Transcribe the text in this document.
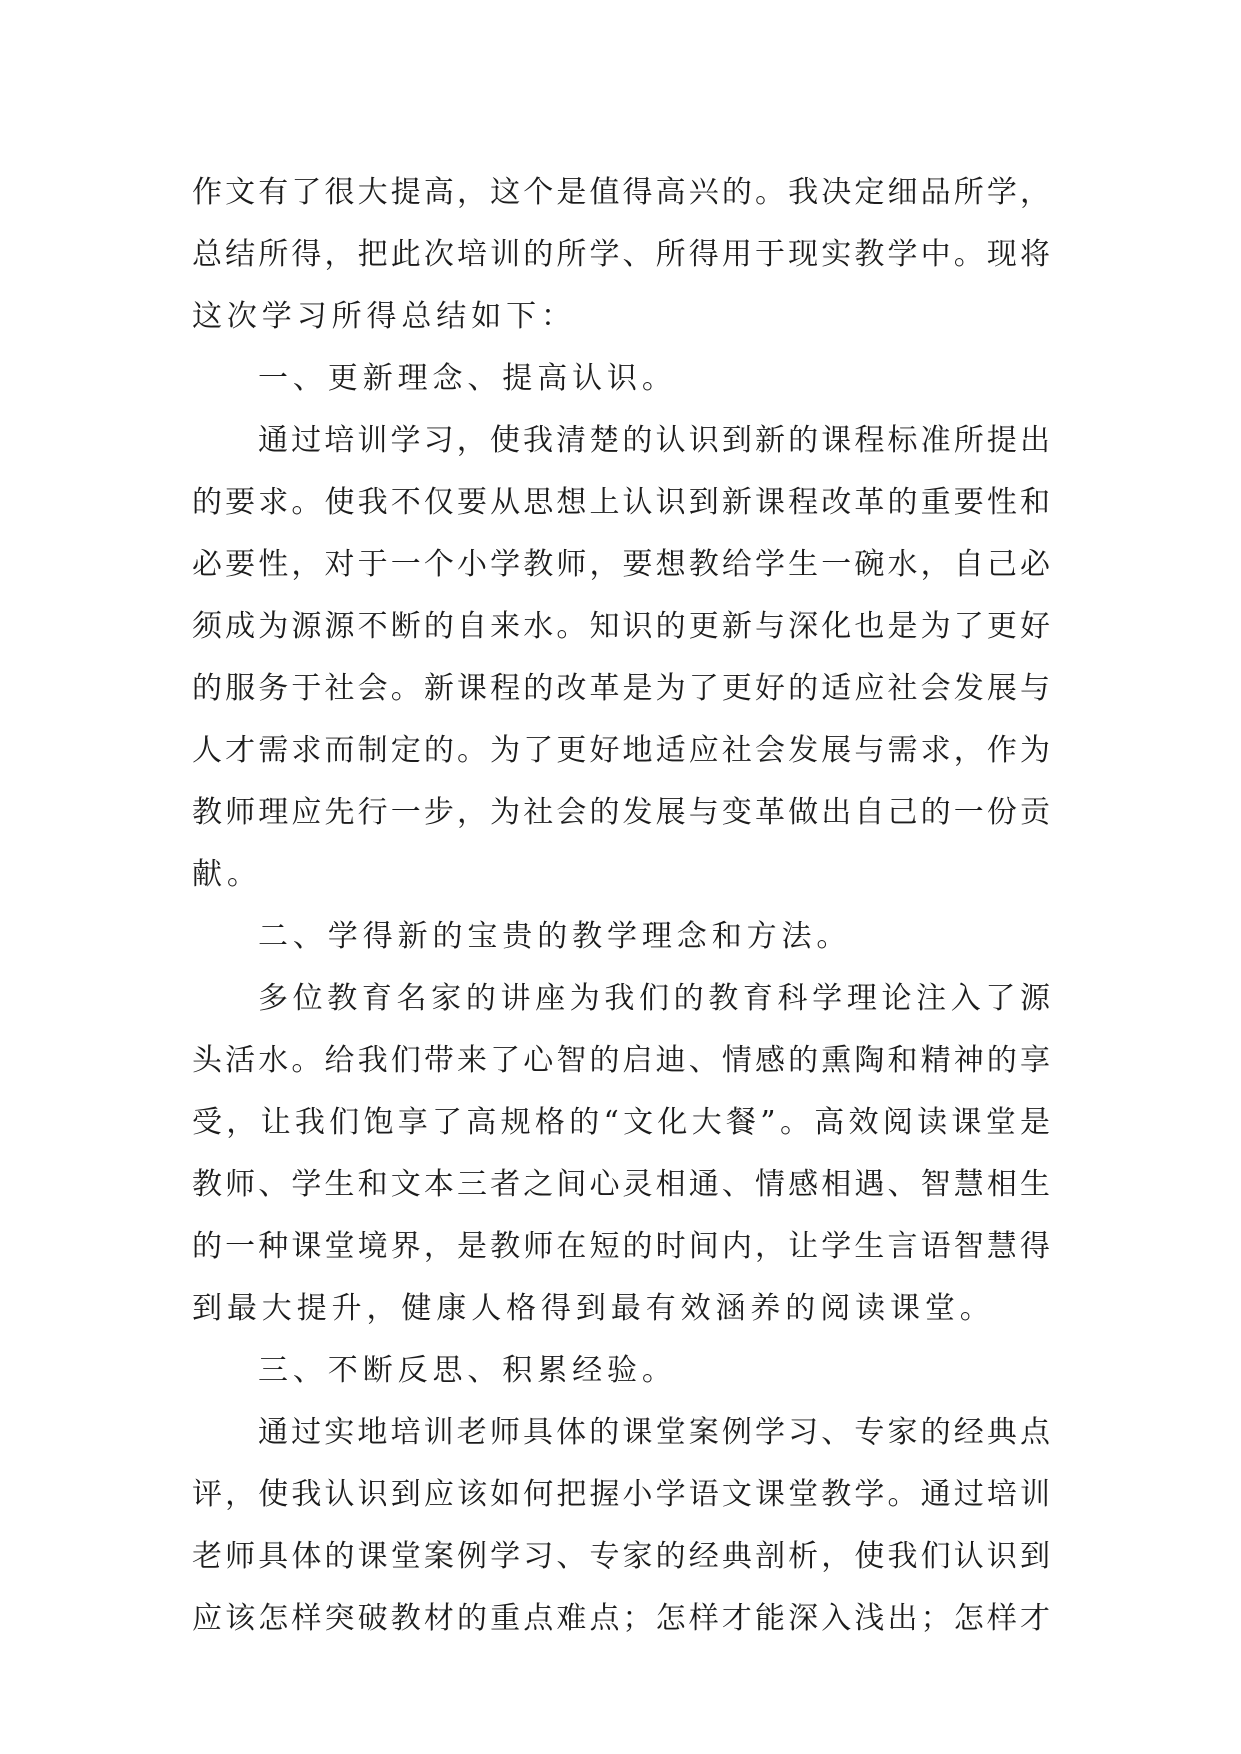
作文有了很大提高，这个是值得高兴的。我决定细品所学，
总结所得，把此次培训的所学、所得用于现实教学中。现将
这次学习所得总结如下：
一、更新理念、提高认识。
通过培训学习，使我清楚的认识到新的课程标准所提出
的要求。使我不仅要从思想上认识到新课程改革的重要性和
必要性，对于一个小学教师，要想教给学生一碗水，自己必
须成为源源不断的自来水。知识的更新与深化也是为了更好
的服务于社会。新课程的改革是为了更好的适应社会发展与
人才需求而制定的。为了更好地适应社会发展与需求，作为
教师理应先行一步，为社会的发展与变革做出自己的一份贡
献。
二、学得新的宝贵的教学理念和方法。
多位教育名家的讲座为我们的教育科学理论注入了源
头活水。给我们带来了心智的启迪、情感的熏陶和精神的享
受，让我们饱享了高规格的“文化大餐”。高效阅读课堂是
教师、学生和文本三者之间心灵相通、情感相遇、智慧相生
的一种课堂境界，是教师在短的时间内，让学生言语智慧得
到最大提升，健康人格得到最有效涵养的阅读课堂。
三、不断反思、积累经验。
通过实地培训老师具体的课堂案例学习、专家的经典点
评，使我认识到应该如何把握小学语文课堂教学。通过培训
老师具体的课堂案例学习、专家的经典剖析，使我们认识到
应该怎样突破教材的重点难点；怎样才能深入浅出；怎样才
